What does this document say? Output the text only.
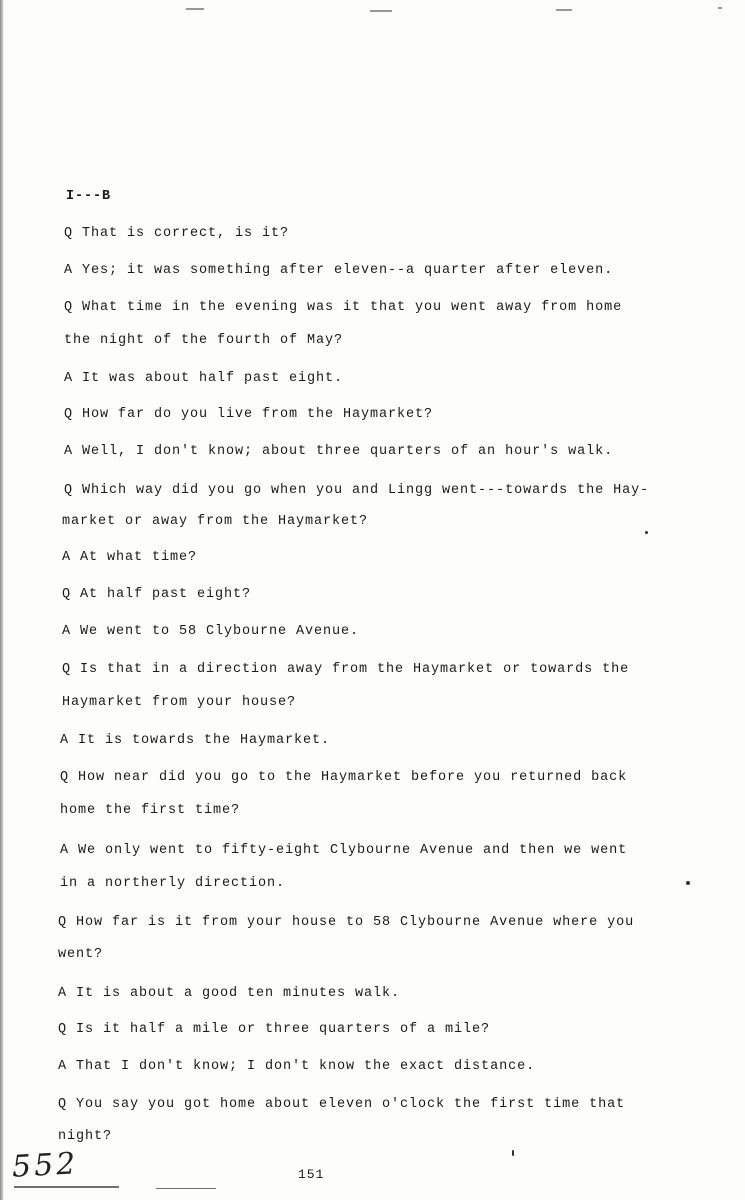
I---B
Q That is correct, is it?
A Yes; it was something after eleven--a quarter after eleven.
Q What time in the evening was it that you went away from home
the night of the fourth of May?
A It was about half past eight.
Q How far do you live from the Haymarket?
A Well, I don't know; about three quarters of an hour's walk.
Q Which way did you go when you and Lingg went---towards the Hay-
market or away from the Haymarket?
A At what time?
Q At half past eight?
A We went to 58 Clybourne Avenue.
Q Is that in a direction away from the Haymarket or towards the
Haymarket from your house?
A It is towards the Haymarket.
Q How near did you go to the Haymarket before you returned back
home the first time?
A We only went to fifty-eight Clybourne Avenue and then we went
in a northerly direction.
Q How far is it from your house to 58 Clybourne Avenue where you
went?
A It is about a good ten minutes walk.
Q Is it half a mile or three quarters of a mile?
A That I don't know; I don't know the exact distance.
Q You say you got home about eleven o'clock the first time that
night?
552	151
